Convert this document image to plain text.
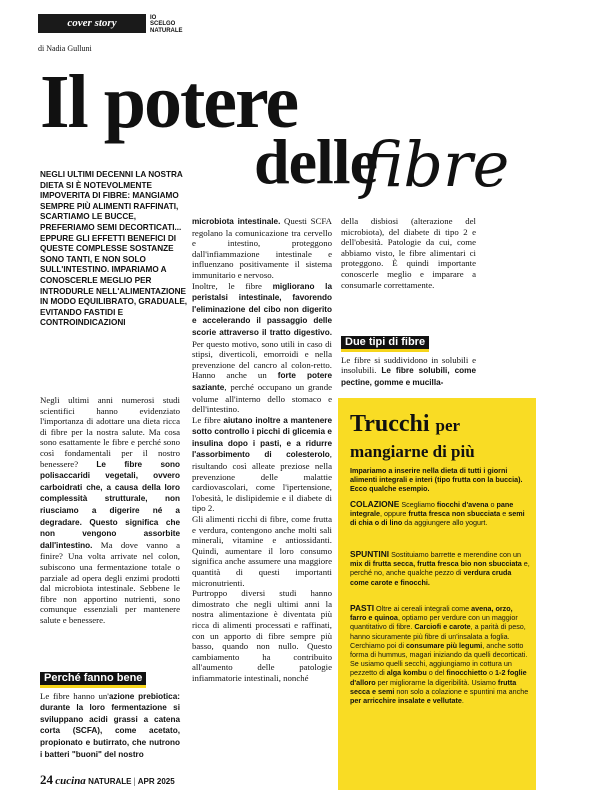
cover story	IO
SCELGO
NATURALE
di Nadia Gulluni
Il potere
delle
fibre
NEGLI ULTIMI DECENNI LA NOSTRA DIETA SI È NOTEVOLMENTE IMPOVERITA DI FIBRE: MANGIAMO SEMPRE PIÙ ALIMENTI RAFFINATI, SCARTIAMO LE BUCCE, PREFERIAMO SEMI DECORTICATI... EPPURE GLI EFFETTI BENEFICI DI QUESTE COMPLESSE SOSTANZE SONO TANTI, E NON SOLO SULL'INTESTINO. IMPARIAMO A CONOSCERLE MEGLIO PER INTRODURLE NELL'ALIMENTAZIONE IN MODO EQUILIBRATO, GRADUALE, EVITANDO FASTIDI E CONTROINDICAZIONI

Negli ultimi anni numerosi studi scientifici hanno evidenziato l'importanza di adottare una dieta ricca di fibre per la nostra salute. Ma cosa sono esattamente le fibre e perché sono così fondamentali per il nostro benessere? Le fibre sono polisaccaridi vegetali, ovvero carboidrati che, a causa della loro complessità strutturale, non riusciamo a digerire né a degradare. Questo significa che non vengono assorbite dall'intestino. Ma dove vanno a finire? Una volta arrivate nel colon, subiscono una fermentazione totale o parziale ad opera degli enzimi prodotti dal microbiota intestinale. Sebbene le fibre non apportino nutrienti, sono comunque essenziali per mantenere salute e benessere.

Perché fanno bene

Le fibre hanno un'azione prebiotica: durante la loro fermentazione si sviluppano acidi grassi a catena corta (SCFA), come acetato, propionato e butirrato, che nutrono i batteri "buoni" del nostro

microbiota intestinale. Questi SCFA regolano la comunicazione tra cervello e intestino, proteggono dall'infiammazione intestinale e influenzano positivamente il sistema immunitario e nervoso.

Inoltre, le fibre migliorano la peristalsi intestinale, favorendo l'eliminazione del cibo non digerito e accelerando il passaggio delle scorie attraverso il tratto digestivo. Per questo motivo, sono utili in caso di stipsi, diverticoli, emorroidi e nella prevenzione del cancro al colon-retto. Hanno anche un forte potere saziante, perché occupano un grande volume all'interno dello stomaco e dell'intestino.

Le fibre aiutano inoltre a mantenere sotto controllo i picchi di glicemia e insulina dopo i pasti, e a ridurre l'assorbimento di colesterolo, risultando così alleate preziose nella prevenzione delle malattie cardiovascolari, come l'ipertensione, l'obesità, le dislipidemie e il diabete di tipo 2.

Gli alimenti ricchi di fibre, come frutta e verdura, contengono anche molti sali minerali, vitamine e antiossidanti. Quindi, aumentare il loro consumo significa anche assumere una maggiore quantità di questi importanti micronutrienti.

Purtroppo diversi studi hanno dimostrato che negli ultimi anni la nostra alimentazione è diventata più ricca di alimenti processati e raffinati, con un apporto di fibre sempre più basso, quando non nullo. Questo cambiamento ha contribuito all'aumento delle patologie infiammatorie intestinali, nonché

della disbiosi (alterazione del microbiota), del diabete di tipo 2 e dell'obesità. Patologie da cui, come abbiamo visto, le fibre alimentari ci proteggono. È quindi importante conoscerle meglio e imparare a consumarle correttamente.

Due tipi di fibre

Le fibre si suddividono in solubili e insolubili. Le fibre solubili, come pectine, gomme e mucilla-

Trucchi per
mangiarne di più
Impariamo a inserire nella dieta di tutti i giorni alimenti integrali e interi (tipo frutta con la buccia). Ecco qualche esempio.
COLAZIONE Scegliamo fiocchi d'avena o pane integrale, oppure frutta fresca non sbucciata e semi di chia o di lino da aggiungere allo yogurt.
SPUNTINI Sostituiamo barrette e merendine con un mix di frutta secca, frutta fresca bio non sbucciata e, perché no, anche qualche pezzo di verdura cruda come carote e finocchi.
PASTI Oltre ai cereali integrali come avena, orzo, farro e quinoa, optiamo per verdure con un maggior quantitativo di fibre. Carciofi e carote, a parità di peso, hanno sicuramente più fibre di un'insalata a foglia. Cerchiamo poi di consumare più legumi, anche sotto forma di hummus, magari iniziando da quelli decorticati. Se usiamo quelli secchi, aggiungiamo in cottura un pezzetto di alga kombu o del finocchietto o 1-2 foglie d'alloro per migliorarne la digeribilità. Usiamo frutta secca e semi non solo a colazione e spuntini ma anche per arricchire insalate e vellutate.
24 cucina NATURALE | APR 2025
